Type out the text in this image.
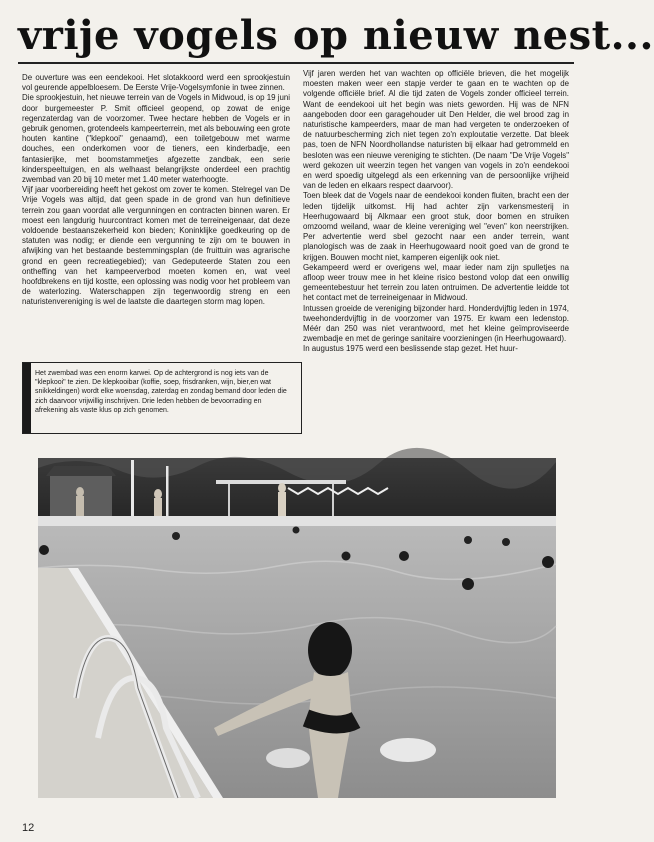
vrije vogels op nieuw nest...

De ouverture was een eendekooi. Het slotakkoord werd een sprookjestuin vol geurende appelbloesem. De Eerste Vrije-Vogelsymfonie in twee zinnen.

Die sprookjestuin, het nieuwe terrein van de Vogels in Midwoud, is op 19 juni door burgemeester P. Smit officieel geopend, op zowat de enige regenzaterdag van de voorzomer. Twee hectare hebben de Vogels er in gebruik genomen, grotendeels kampeerterrein, met als bebouwing een grote houten kantine ("klepkooi" genaamd), een toiletgebouw met warme douches, een onderkomen voor de tieners, een kinderbadje, een fantasierijke, met boomstammetjes afgezette zandbak, een serie kinderspeeltuigen, en als welhaast belangrijkste onderdeel een prachtig zwembad van 20 bij 10 meter met 1.40 meter waterhoogte.

Vijf jaar voorbereiding heeft het gekost om zover te komen. Stelregel van De Vrije Vogels was altijd, dat geen spade in de grond van hun definitieve terrein zou gaan voordat alle vergunningen en contracten binnen waren. Er moest een langdurig huurcontract komen met de terreineigenaar, dat deze voldoende bestaanszekerheid kon bieden; Koninklijke goedkeuring op de statuten was nodig; er diende een vergunning te zijn om te bouwen in afwijking van het bestaande bestemmingsplan (de fruittuin was agrarische grond en geen recreatiegebied); van Gedeputeerde Staten zou een ontheffing van het kampeerverbod moeten komen en, wat veel hoofdbrekens en tijd kostte, een oplossing was nodig voor het probleem van de waterlozing. Waterschappen zijn tegenwoordig streng en een naturistenvereniging is wel de laatste die daartegen storm mag lopen.

Vijf jaren werden het van wachten op officiële brieven, die het mogelijk moesten maken weer een stapje verder te gaan en te wachten op de volgende officiële brief. Al die tijd zaten de Vogels zonder officieel terrein. Want de eendekooi uit het begin was niets geworden. Hij was de NFN aangeboden door een garagehouder uit Den Helder, die wel brood zag in naturistische kampeerders, maar de man had vergeten te onderzoeken of de natuurbescherming zich niet tegen zo'n exploutatie verzette. Dat bleek pas, toen de NFN Noordhollandse naturisten bij elkaar had getrommeld en besloten was een nieuwe vereniging te stichten. (De naam "De Vrije Vogels" werd gekozen uit weerzin tegen het vangen van vogels in zo'n eendekooi en werd spoedig uitgelegd als een erkenning van de persoonlijke vrijheid van de leden en elkaars respect daarvoor).

Toen bleek dat de Vogels naar de eendekooi konden fluiten, bracht een der leden tijdelijk uitkomst. Hij had achter zijn varkensmesterij in Heerhugowaard bij Alkmaar een groot stuk, door bomen en struiken omzoomd weiland, waar de kleine vereniging wel "even" kon neerstrijken. Per advertentie werd sbel gezocht naar een ander terrein, want planologisch was de zaak in Heerhugowaard nooit goed van de grond te krijgen. Bouwen mocht niet, kamperen eigenlijk ook niet.

Gekampeerd werd er overigens wel, maar ieder nam zijn spulletjes na afloop weer trouw mee in het kleine risico bestond volop dat een onwillig gemeentebestuur het terrein zou laten ontruimen. De advertentie leidde tot het contact met de terreineigenaar in Midwoud.

Intussen groeide de vereniging bijzonder hard. Honderdvijftig leden in 1974, tweehonderdvijftig in de voorzomer van 1975. Er kwam een ledenstop. Méér dan 250 was niet verantwoord, met het kleine geïmproviseerde zwembadje en met de geringe sanitaire voorzieningen (in Heerhugowaard).

In augustus 1975 werd een beslissende stap gezet. Het huur-

Het zwembad was een enorm karwei. Op de achtergrond is nog iets van de "klepkooi" te zien. De klepkooibar (koffie, soep, frisdranken, wijn, bier,en wat snikkeldingen) wordt elke woensdag, zaterdag en zondag bemand door leden die zich daarvoor vrijwillig inschrijven. Drie leden hebben de bevoorrading en afrekening als vaste klus op zich genomen.
12
